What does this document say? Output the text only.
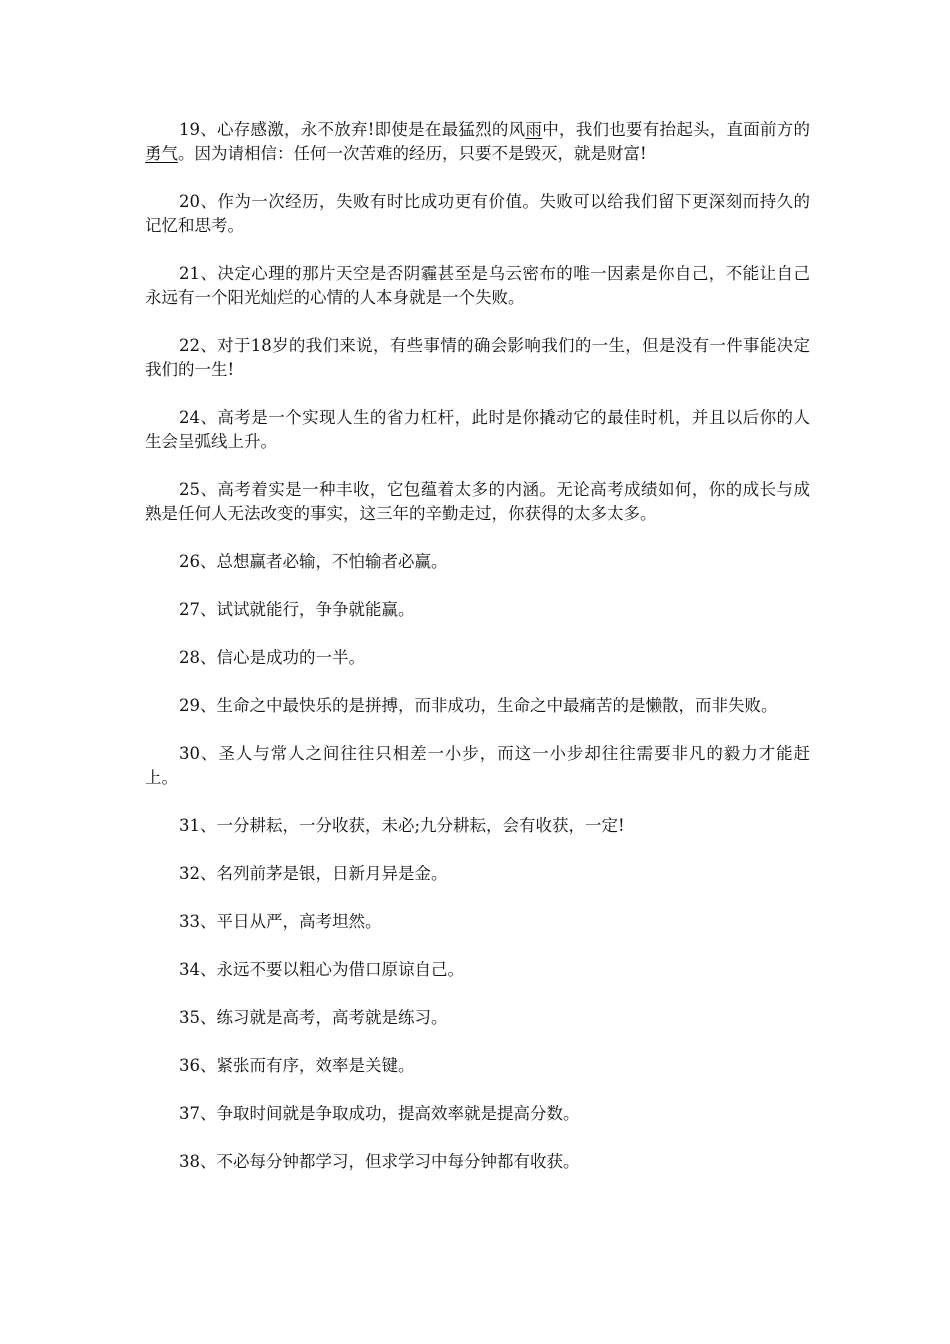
19、心存感激，永不放弃!即使是在最猛烈的风雨中，我们也要有抬起头，直面前方的勇气。因为请相信：任何一次苦难的经历，只要不是毁灭，就是财富!

20、作为一次经历，失败有时比成功更有价值。失败可以给我们留下更深刻而持久的记忆和思考。

21、决定心理的那片天空是否阴霾甚至是乌云密布的唯一因素是你自己，不能让自己永远有一个阳光灿烂的心情的人本身就是一个失败。

22、对于18岁的我们来说，有些事情的确会影响我们的一生，但是没有一件事能决定我们的一生!

24、高考是一个实现人生的省力杠杆，此时是你撬动它的最佳时机，并且以后你的人生会呈弧线上升。

25、高考着实是一种丰收，它包蕴着太多的内涵。无论高考成绩如何，你的成长与成熟是任何人无法改变的事实，这三年的辛勤走过，你获得的太多太多。

26、总想赢者必输，不怕输者必赢。

27、试试就能行，争争就能赢。

28、信心是成功的一半。

29、生命之中最快乐的是拼搏，而非成功，生命之中最痛苦的是懒散，而非失败。

30、圣人与常人之间往往只相差一小步，而这一小步却往往需要非凡的毅力才能赶上。

31、一分耕耘，一分收获，未必;九分耕耘，会有收获，一定!

32、名列前茅是银，日新月异是金。

33、平日从严，高考坦然。

34、永远不要以粗心为借口原谅自己。

35、练习就是高考，高考就是练习。

36、紧张而有序，效率是关键。

37、争取时间就是争取成功，提高效率就是提高分数。

38、不必每分钟都学习，但求学习中每分钟都有收获。
